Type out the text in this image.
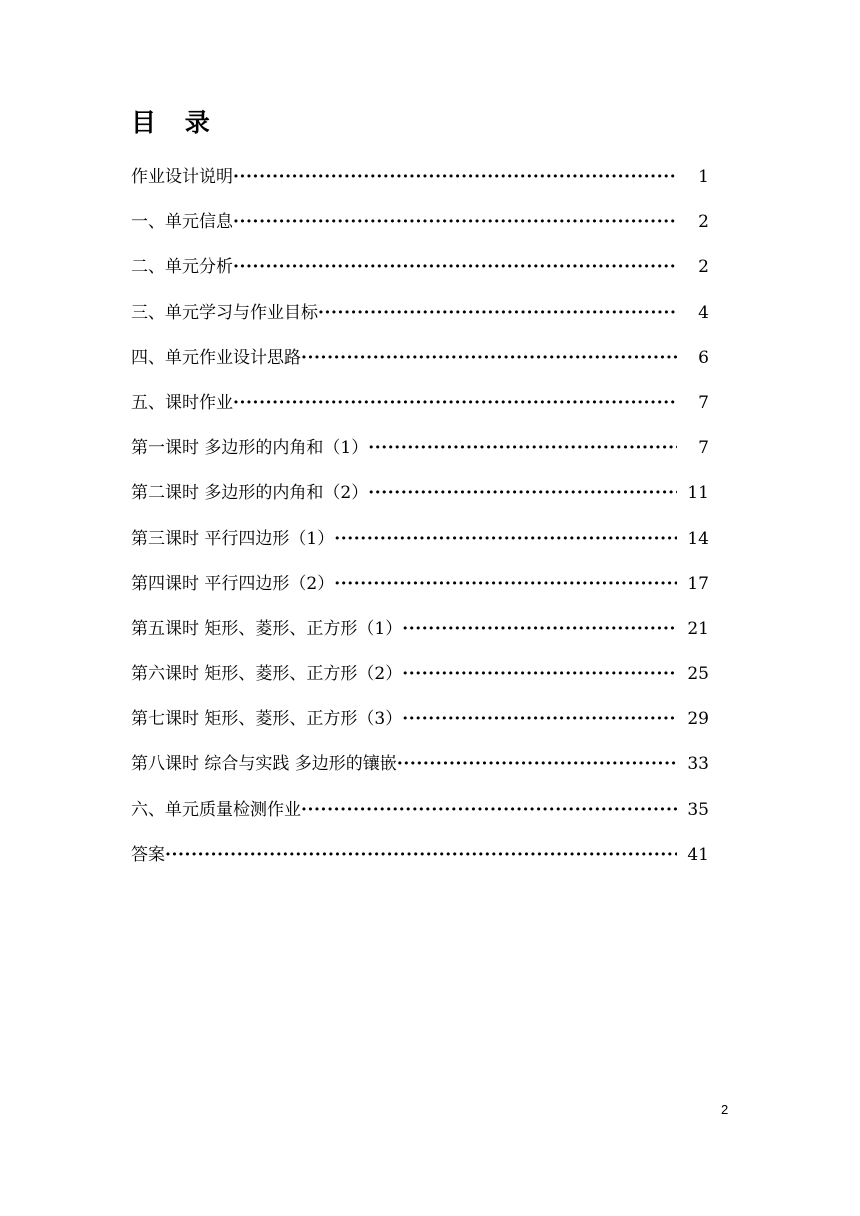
目 录
作业设计说明 ·····	1
一、单元信息 ·····	2
二、单元分析 ·····	2
三、单元学习与作业目标 ·····	4
四、单元作业设计思路 ·····	6
五、课时作业 ·····	7
第一课时 多边形的内角和（1） ·····	7
第二课时 多边形的内角和（2） ·····	11
第三课时 平行四边形（1） ·····	14
第四课时 平行四边形（2） ·····	17
第五课时 矩形、菱形、正方形（1） ·····	21
第六课时 矩形、菱形、正方形（2） ·····	25
第七课时 矩形、菱形、正方形（3） ·····	29
第八课时 综合与实践 多边形的镶嵌 ·····	33
六、单元质量检测作业 ·····	35
答案 ·····	41
2
